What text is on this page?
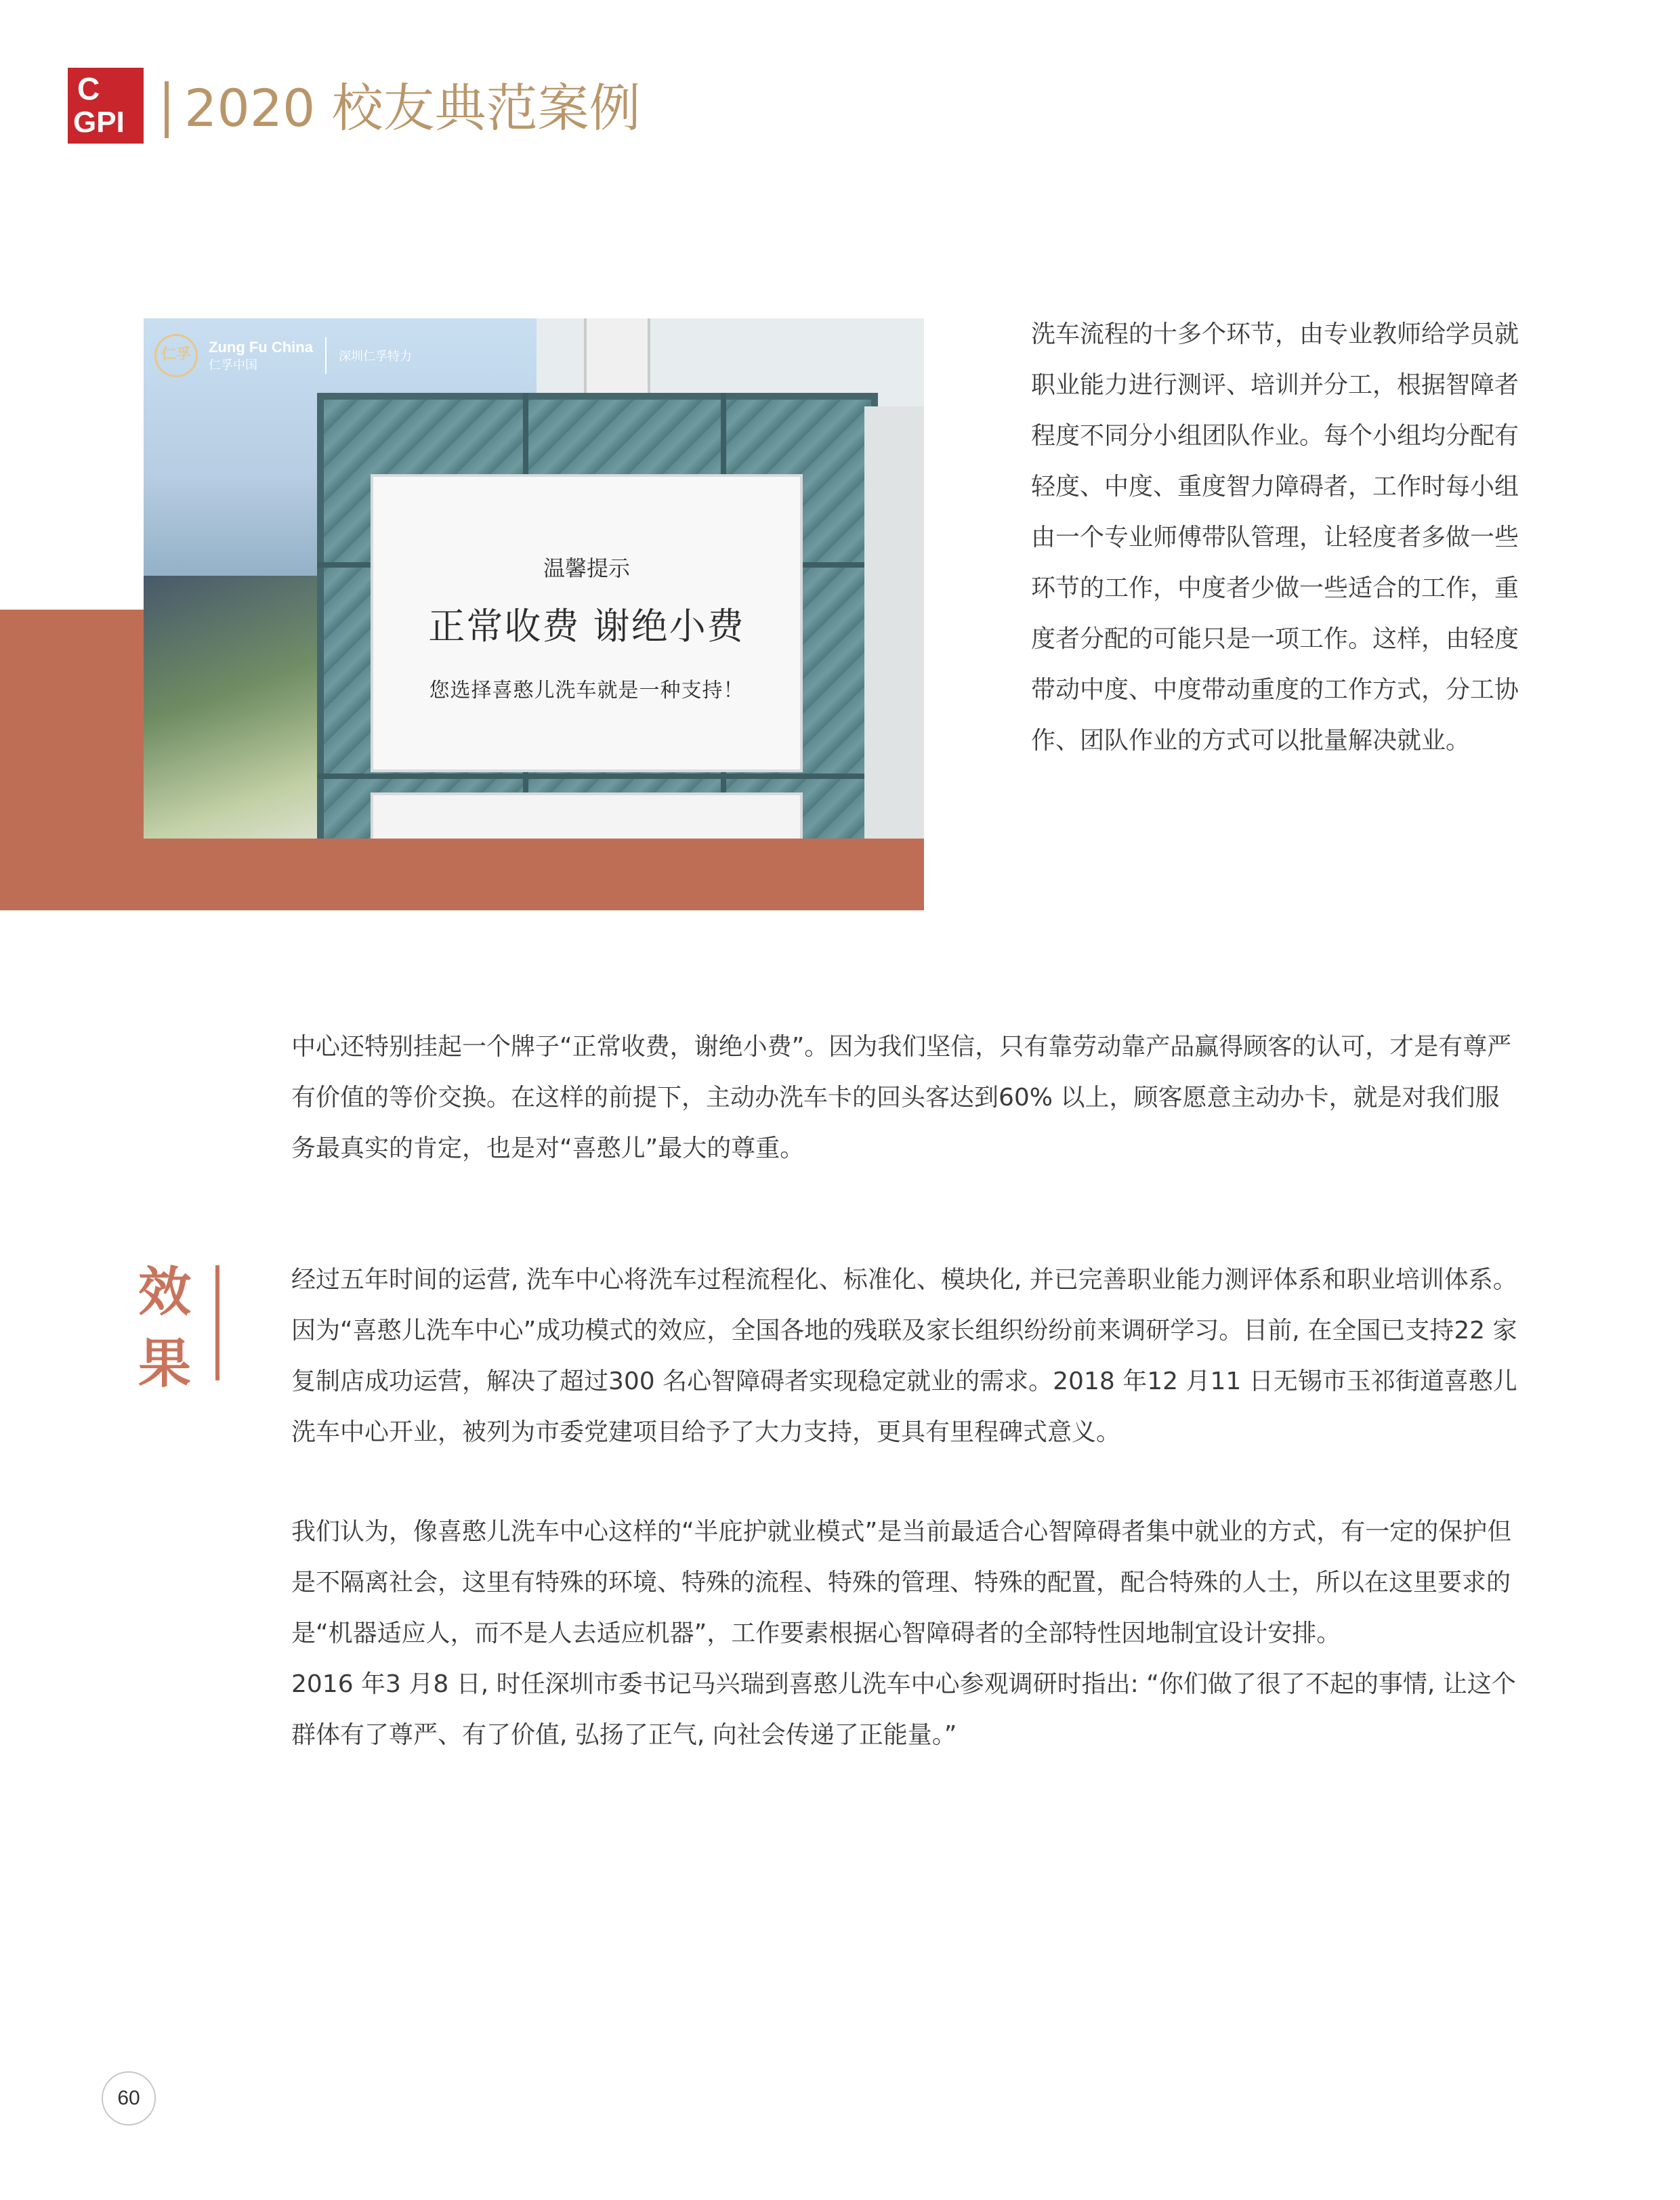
C
GPI 2020 校友典范案例
温馨提示
正常收费 谢绝小费
您选择喜憨儿洗车就是一种支持！
仁孚	Zung Fu China
仁孚中国
深圳仁孚特力

洗车流程的十多个环节，由专业教师给学员就职业能力进行测评、培训并分工，根据智障者程度不同分小组团队作业。每个小组均分配有轻度、中度、重度智力障碍者，工作时每小组由一个专业师傅带队管理，让轻度者多做一些环节的工作，中度者少做一些适合的工作，重度者分配的可能只是一项工作。这样，由轻度带动中度、中度带动重度的工作方式，分工协作、团队作业的方式可以批量解决就业。

中心还特别挂起一个牌子“正常收费，谢绝小费”。因为我们坚信，只有靠劳动靠产品赢得顾客的认可，才是有尊严有价值的等价交换。在这样的前提下，主动办洗车卡的回头客达到60% 以上，顾客愿意主动办卡，就是对我们服务最真实的肯定，也是对“喜憨儿”最大的尊重。

效
果

经过五年时间的运营, 洗车中心将洗车过程流程化、标准化、模块化, 并已完善职业能力测评体系和职业培训体系。因为“喜憨儿洗车中心”成功模式的效应，全国各地的残联及家长组织纷纷前来调研学习。目前, 在全国已支持22 家复制店成功运营，解决了超过300 名心智障碍者实现稳定就业的需求。2018 年12 月11 日无锡市玉祁街道喜憨儿洗车中心开业，被列为市委党建项目给予了大力支持，更具有里程碑式意义。

我们认为，像喜憨儿洗车中心这样的“半庇护就业模式”是当前最适合心智障碍者集中就业的方式，有一定的保护但是不隔离社会，这里有特殊的环境、特殊的流程、特殊的管理、特殊的配置，配合特殊的人士，所以在这里要求的是“机器适应人，而不是人去适应机器”，工作要素根据心智障碍者的全部特性因地制宜设计安排。

2016 年3 月8 日, 时任深圳市委书记马兴瑞到喜憨儿洗车中心参观调研时指出: “你们做了很了不起的事情, 让这个群体有了尊严、有了价值, 弘扬了正气, 向社会传递了正能量。”

60
